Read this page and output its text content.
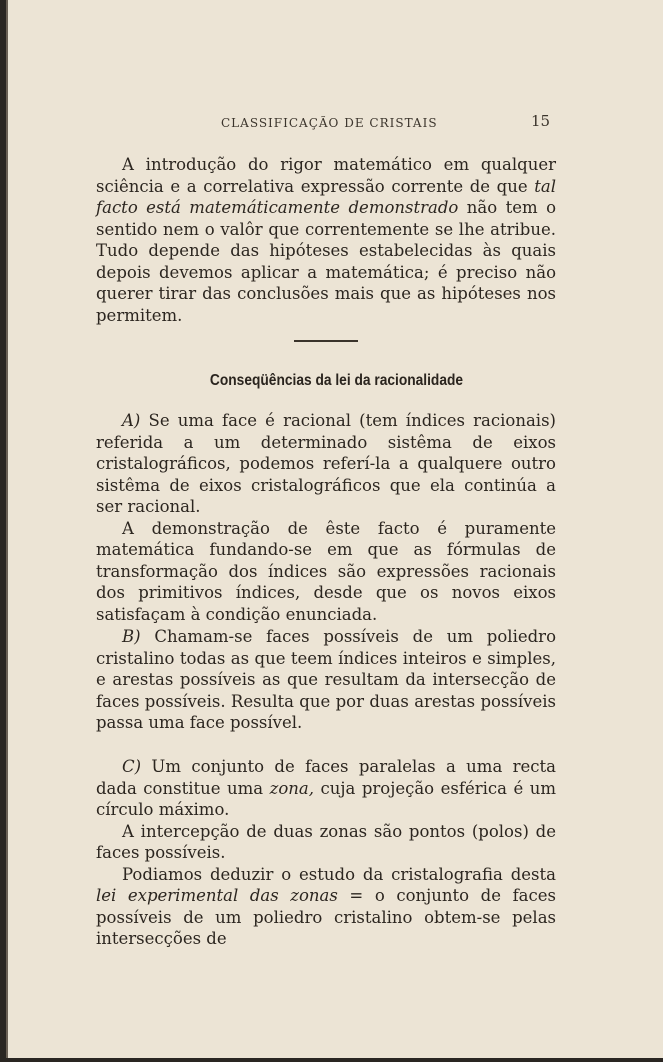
CLASSIFICAÇÃO DE CRISTAIS	15

A introdução do rigor matemático em qualquer sciência e a correlativa expressão corrente de que tal facto está matemáticamente demonstrado não tem o sentido nem o valôr que correntemente se lhe atribue. Tudo depende das hipóteses estabelecidas às quais depois devemos aplicar a matemática; é preciso não querer tirar das conclusões mais que as hipóteses nos permitem.

Conseqüências da lei da racionalidade

A) Se uma face é racional (tem índices racionais) referida a um determinado sistêma de eixos cristalográficos, podemos referí-la a qualquere outro sistêma de eixos cristalográficos que ela continúa a ser racional.

A demonstração de êste facto é puramente matemática fundando-se em que as fórmulas de transformação dos índices são expressões racionais dos primitivos índices, desde que os novos eixos satisfaçam à condição enunciada.

B) Chamam-se faces possíveis de um poliedro cristalino todas as que teem índices inteiros e simples, e arestas possíveis as que resultam da intersecção de faces possíveis. Resulta que por duas arestas possíveis passa uma face possível.

C) Um conjunto de faces paralelas a uma recta dada constitue uma zona, cuja projeção esférica é um círculo máximo.

A intercepção de duas zonas são pontos (polos) de faces possíveis.

Podiamos deduzir o estudo da cristalografia desta lei experimental das zonas = o conjunto de faces possíveis de um poliedro cristalino obtem-se pelas intersecções de
